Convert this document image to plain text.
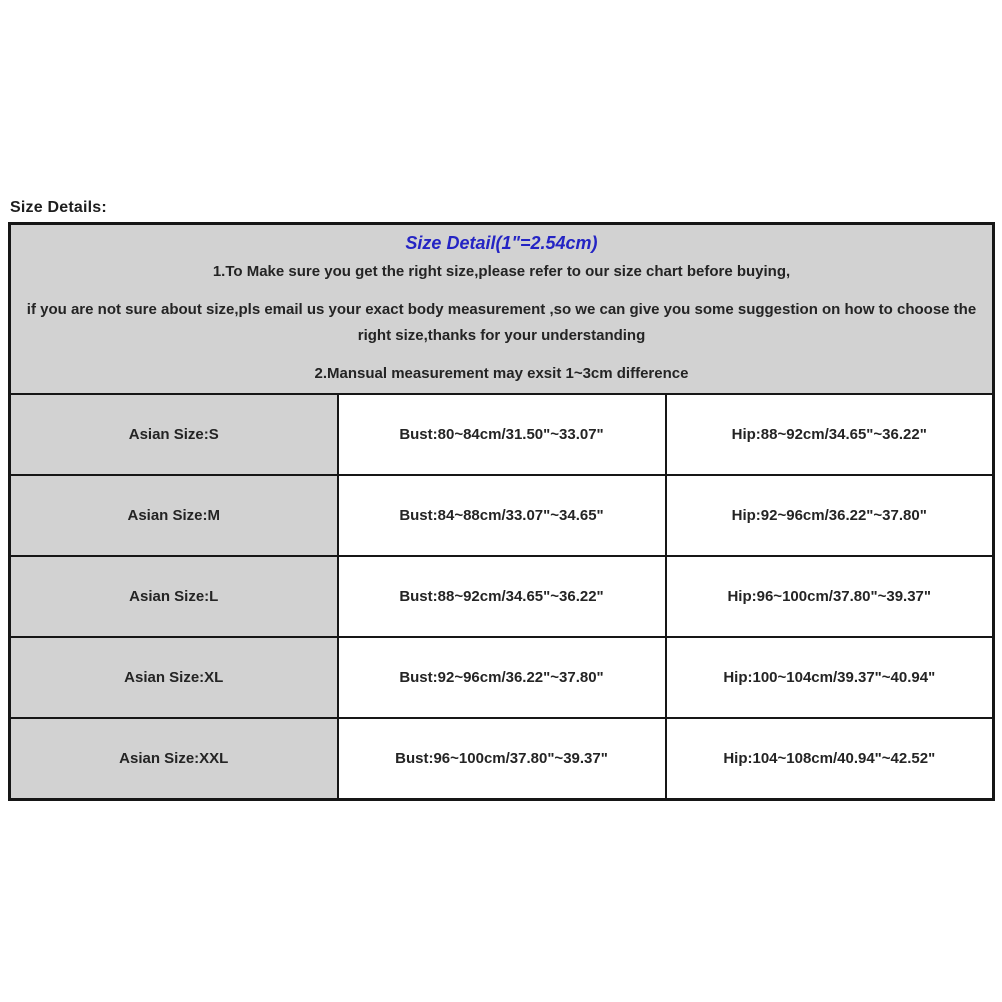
Size Details:
Size Detail(1"=2.54cm)
1.To Make sure you get the right size,please refer to our size chart before buying,
if you are not sure about size,pls email us your exact body measurement ,so we can give you some suggestion on how to choose the
right size,thanks for your understanding
2.Mansual measurement may exsit 1~3cm difference		

Asian Size:S	Bust:80~84cm/31.50"~33.07"	Hip:88~92cm/34.65"~36.22"
Asian Size:M	Bust:84~88cm/33.07"~34.65"	Hip:92~96cm/36.22"~37.80"
Asian Size:L	Bust:88~92cm/34.65"~36.22"	Hip:96~100cm/37.80"~39.37"
Asian Size:XL	Bust:92~96cm/36.22"~37.80"	Hip:100~104cm/39.37"~40.94"
Asian Size:XXL	Bust:96~100cm/37.80"~39.37"	Hip:104~108cm/40.94"~42.52"
